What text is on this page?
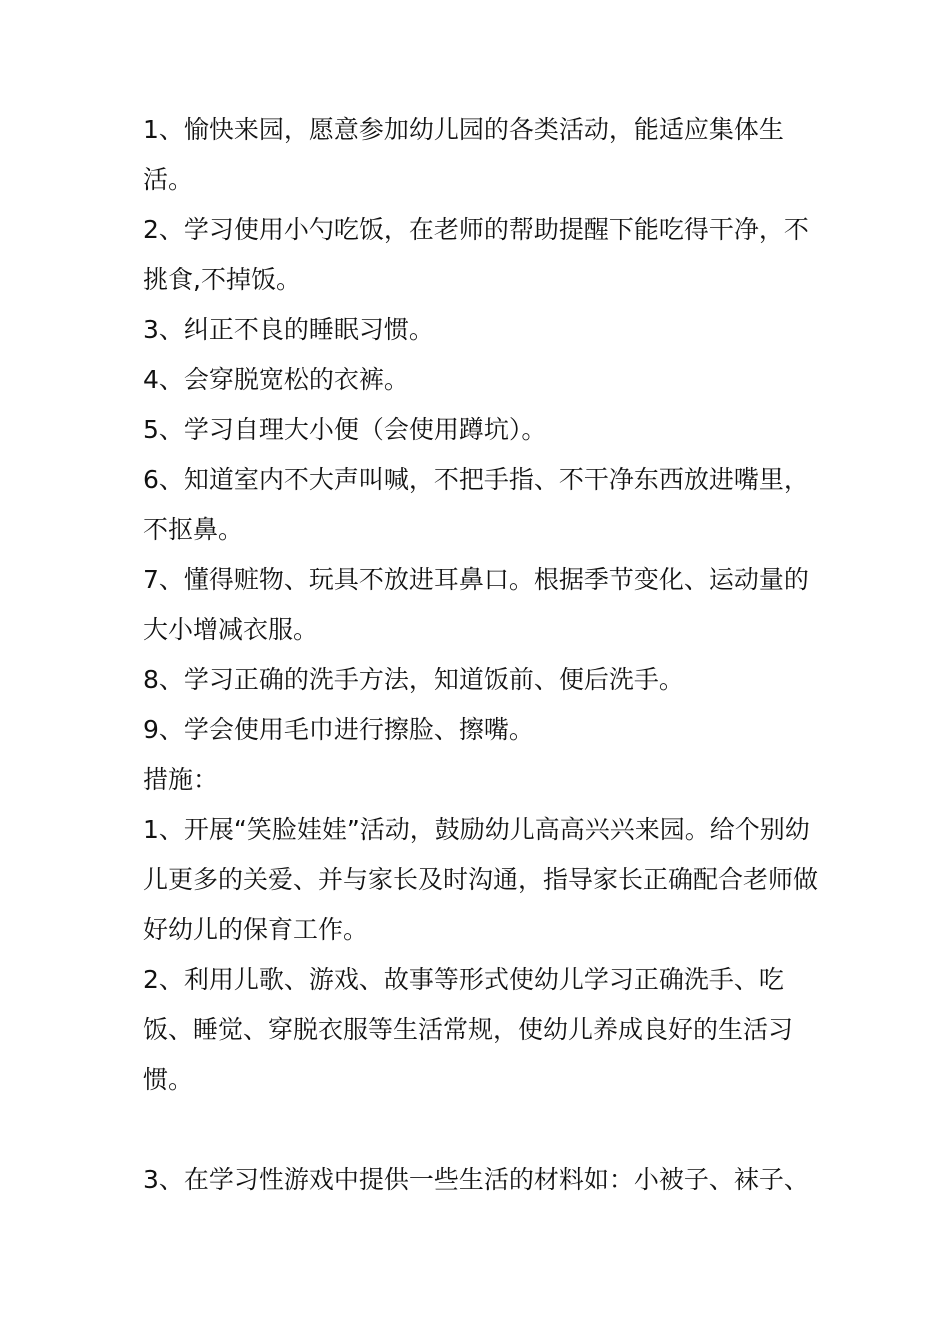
1、愉快来园，愿意参加幼儿园的各类活动，能适应集体生活。

2、学习使用小勺吃饭，在老师的帮助提醒下能吃得干净，不挑食,不掉饭。

3、纠正不良的睡眠习惯。

4、会穿脱宽松的衣裤。

5、学习自理大小便（会使用蹲坑）。

6、知道室内不大声叫喊，不把手指、不干净东西放进嘴里，不抠鼻。

7、懂得赃物、玩具不放进耳鼻口。根据季节变化、运动量的大小增减衣服。

8、学习正确的洗手方法，知道饭前、便后洗手。

9、学会使用毛巾进行擦脸、擦嘴。

措施：

1、开展“笑脸娃娃”活动，鼓励幼儿高高兴兴来园。给个别幼儿更多的关爱、并与家长及时沟通，指导家长正确配合老师做好幼儿的保育工作。

2、利用儿歌、游戏、故事等形式使幼儿学习正确洗手、吃饭、睡觉、穿脱衣服等生活常规，使幼儿养成良好的生活习惯。

3、在学习性游戏中提供一些生活的材料如：小被子、袜子、
